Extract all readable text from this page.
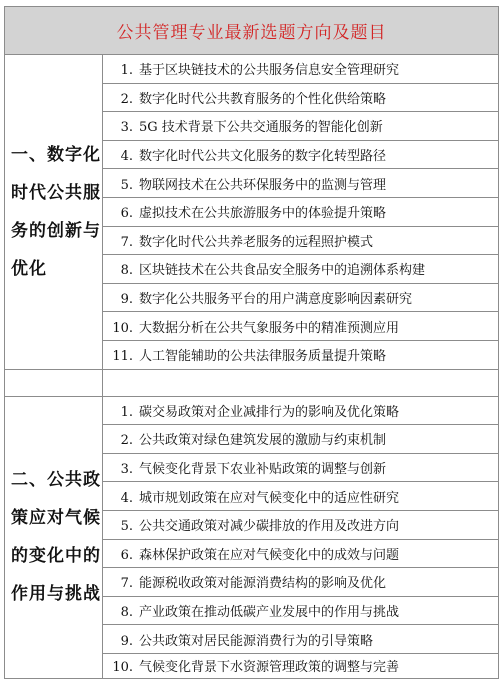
公共管理专业最新选题方向及题目	
一、数字化时代公共服务的创新与优化	1. 基于区块链技术的公共服务信息安全管理研究
	2. 数字化时代公共教育服务的个性化供给策略
	3. 5G 技术背景下公共交通服务的智能化创新
	4. 数字化时代公共文化服务的数字化转型路径
	5. 物联网技术在公共环保服务中的监测与管理
	6. 虚拟技术在公共旅游服务中的体验提升策略
	7. 数字化时代公共养老服务的远程照护模式
	8. 区块链技术在公共食品安全服务中的追溯体系构建
	9. 数字化公共服务平台的用户满意度影响因素研究
	10. 大数据分析在公共气象服务中的精准预测应用
	11. 人工智能辅助的公共法律服务质量提升策略

二、公共政策应对气候的变化中的作用与挑战	1. 碳交易政策对企业减排行为的影响及优化策略
	2. 公共政策对绿色建筑发展的激励与约束机制
	3. 气候变化背景下农业补贴政策的调整与创新
	4. 城市规划政策在应对气候变化中的适应性研究
	5. 公共交通政策对减少碳排放的作用及改进方向
	6. 森林保护政策在应对气候变化中的成效与问题
	7. 能源税收政策对能源消费结构的影响及优化
	8. 产业政策在推动低碳产业发展中的作用与挑战
	9. 公共政策对居民能源消费行为的引导策略
	10. 气候变化背景下水资源管理政策的调整与完善
